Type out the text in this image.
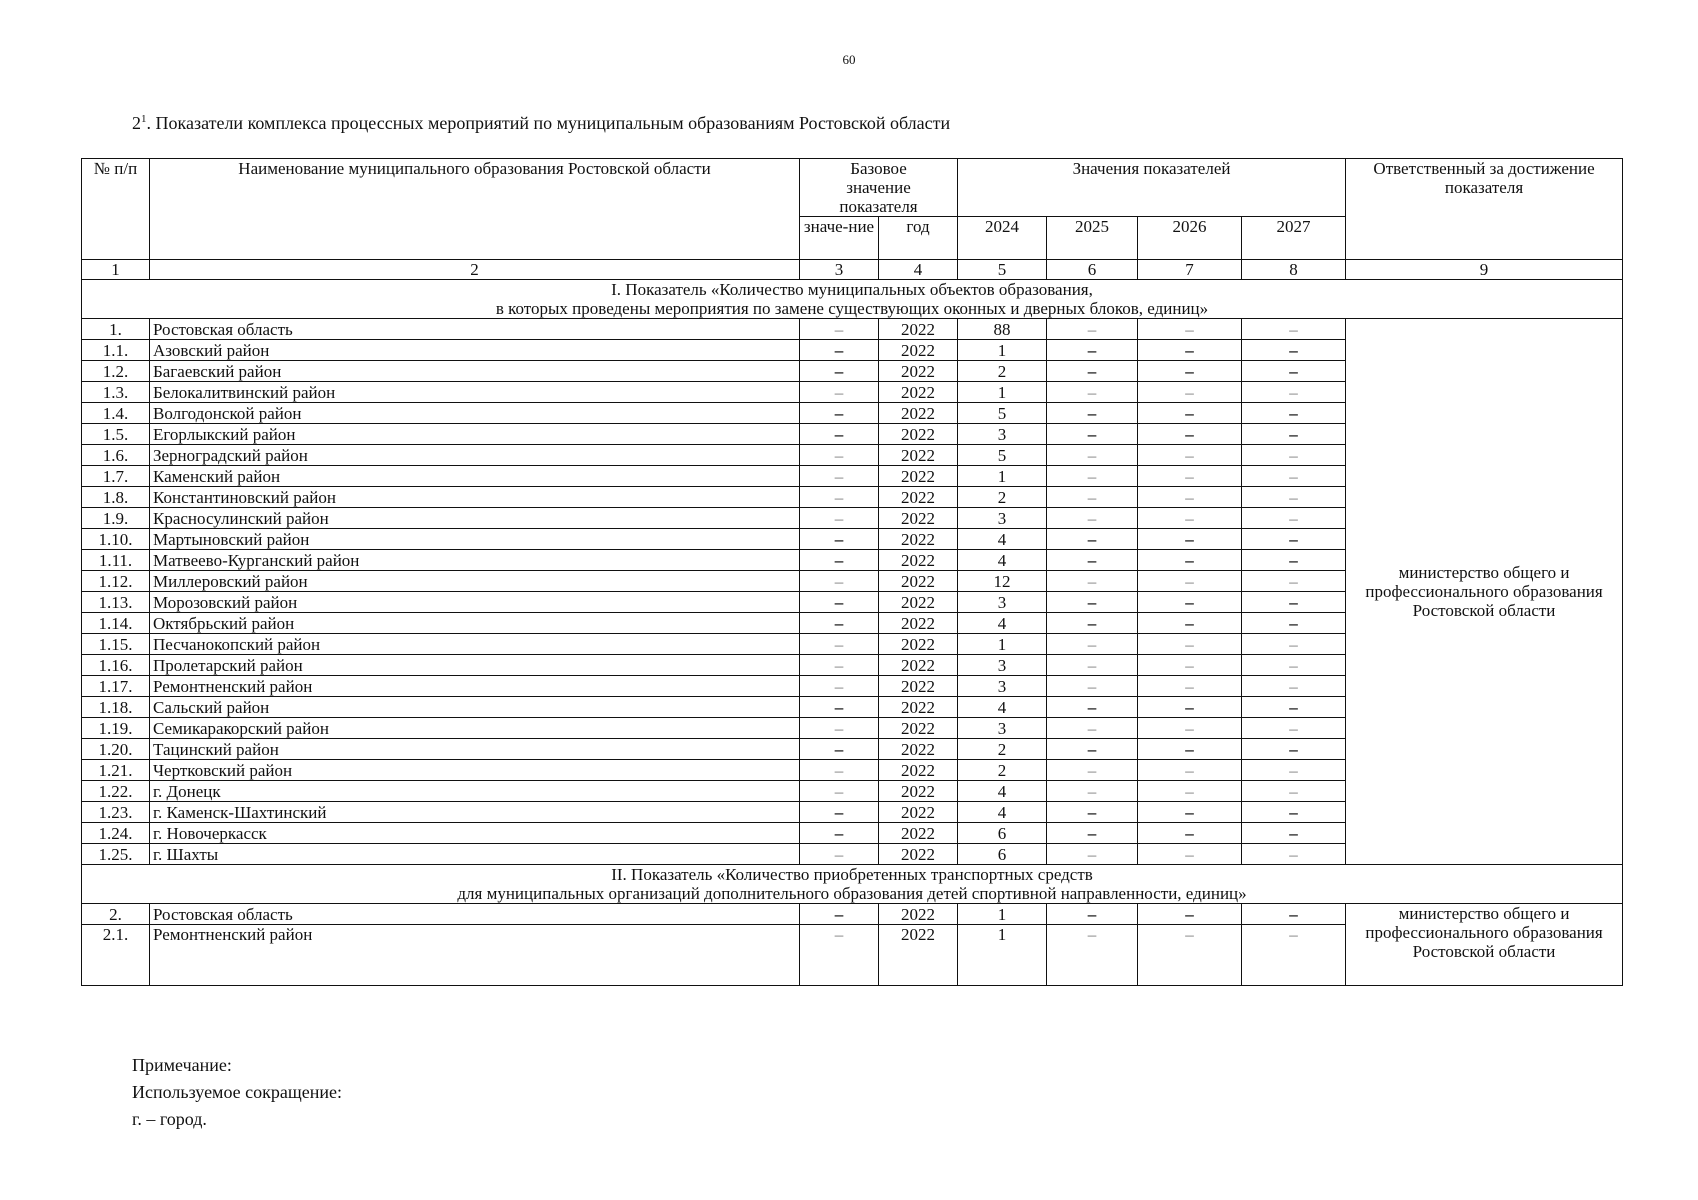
60
$2^1$. Показатели комплекса процессных мероприятий по муниципальным образованиям Ростовской области
№ п/п	Наименование муниципального образования Ростовской области	Базовое значение показателя		Значения показателей				Ответственный за достижение показателя
		значе-ние	год	2024	2025	2026	2027	
1	2	3	4	5	6	7	8	9

I. Показатель «Количество муниципальных объектов образования,
в которых проведены мероприятия по замене существующих оконных и дверных блоков, единиц»								

1.	Ростовская область	–	2022	88	–	–	–	министерство общего и профессионального образования Ростовской области
1.1.	Азовский район	–	2022	1	–	–	–	
1.2.	Багаевский район	–	2022	2	–	–	–	
1.3.	Белокалитвинский район	–	2022	1	–	–	–	
1.4.	Волгодонской район	–	2022	5	–	–	–	
1.5.	Егорлыкский район	–	2022	3	–	–	–	
1.6.	Зерноградский район	–	2022	5	–	–	–	
1.7.	Каменский район	–	2022	1	–	–	–	
1.8.	Константиновский район	–	2022	2	–	–	–	
1.9.	Красносулинский район	–	2022	3	–	–	–	
1.10.	Мартыновский район	–	2022	4	–	–	–	
1.11.	Матвеево-Курганский район	–	2022	4	–	–	–	
1.12.	Миллеровский район	–	2022	12	–	–	–	
1.13.	Морозовский район	–	2022	3	–	–	–	
1.14.	Октябрьский район	–	2022	4	–	–	–	
1.15.	Песчанокопский район	–	2022	1	–	–	–	
1.16.	Пролетарский район	–	2022	3	–	–	–	
1.17.	Ремонтненский район	–	2022	3	–	–	–	
1.18.	Сальский район	–	2022	4	–	–	–	
1.19.	Семикаракорский район	–	2022	3	–	–	–	
1.20.	Тацинский район	–	2022	2	–	–	–	
1.21.	Чертковский район	–	2022	2	–	–	–	
1.22.	г. Донецк	–	2022	4	–	–	–	
1.23.	г. Каменск-Шахтинский	–	2022	4	–	–	–	
1.24.	г. Новочеркасск	–	2022	6	–	–	–	
1.25.	г. Шахты	–	2022	6	–	–	–	

II. Показатель «Количество приобретенных транспортных средств
для муниципальных организаций дополнительного образования детей спортивной направленности, единиц»								

2.	Ростовская область	–	2022	1	–	–	–	министерство общего и профессионального образования Ростовской области
2.1.	Ремонтненский район	–	2022	1	–	–	–	
Примечание:
Используемое сокращение:
г. – город.
